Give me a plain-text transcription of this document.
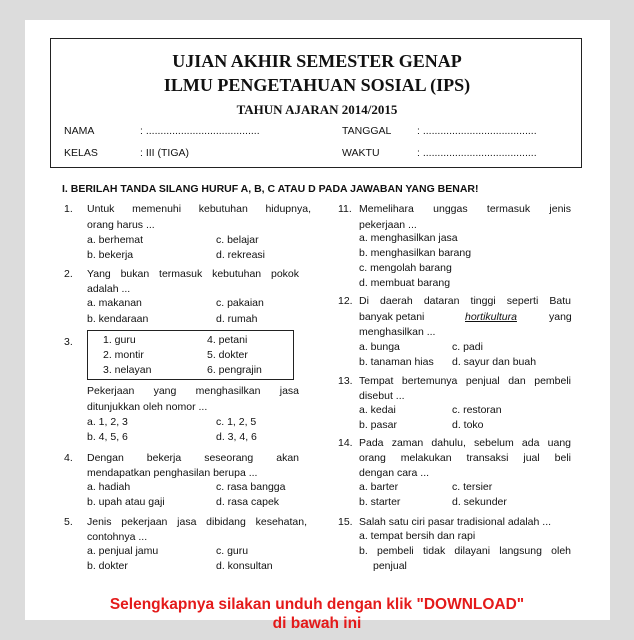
UJIAN AKHIR SEMESTER GENAP
ILMU PENGETAHUAN SOSIAL (IPS)
TAHUN AJARAN 2014/2015
NAMA	: .......................................	TANGGAL : .......................................
KELAS	: III (TIGA)	WAKTU	: .......................................
I. BERILAH TANDA SILANG HURUF A, B, C ATAU D PADA JAWABAN YANG BENAR!
1. Untuk memenuhi kebutuhan hidupnya,
orang harus ...
a. berhemat	c. belajar
b. bekerja	d. rekreasi
2. Yang bukan termasuk kebutuhan pokok
adalah ...
a. makanan	c. pakaian
b. kendaraan	d. rumah
3.	1. guru	4. petani
2. montir	5. dokter
3. nelayan	6. pengrajin
Pekerjaan yang menghasilkan jasa
ditunjukkan oleh nomor ...
a. 1, 2, 3	c. 1, 2, 5
b. 4, 5, 6	d. 3, 4, 6
4. Dengan bekerja seseorang akan
mendapatkan penghasilan berupa ...
a. hadiah	c. rasa bangga
b. upah atau gaji	d. rasa capek
5. Jenis pekerjaan jasa dibidang kesehatan,
contohnya ...
a. penjual jamu	c. guru
b. dokter	d. konsultan
11. Memelihara unggas termasuk jenis
pekerjaan ...
a. menghasilkan jasa
b. menghasilkan barang
c. mengolah barang
d. membuat barang
12. Di daerah dataran tinggi seperti Batu
banyak petani	hortikultura	yang
menghasilkan ...
a. bunga	c. padi
b. tanaman hias d. sayur dan buah
13. Tempat bertemunya penjual dan pembeli
disebut ...
a. kedai	c. restoran
b. pasar	d. toko
14. Pada zaman dahulu, sebelum ada uang
orang melakukan transaksi jual beli
dengan cara ...
a. barter	c. tersier
b. starter	d. sekunder
15. Salah satu ciri pasar tradisional adalah ...
a. tempat bersih dan rapi
b. pembeli tidak dilayani langsung oleh
penjual
Selengkapnya silakan unduh dengan klik "DOWNLOAD"
di bawah ini
